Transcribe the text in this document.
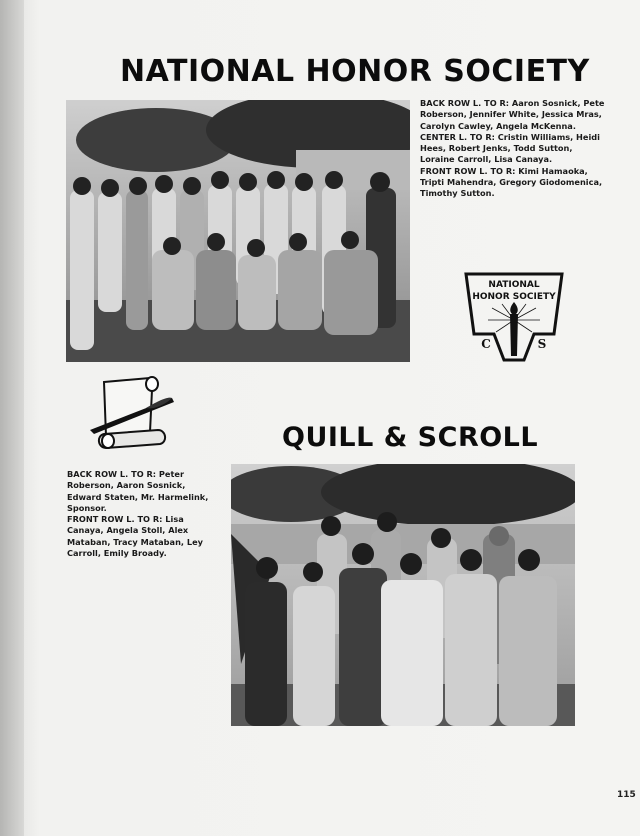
NATIONAL HONOR SOCIETY

BACK ROW L. TO R: Aaron Sosnick, Pete Roberson, Jennifer White, Jessica Mras, Carolyn Cawley, Angela McKenna.

CENTER L. TO R: Cristin Williams, Heidi Hees, Robert Jenks, Todd Sutton, Loraine Carroll, Lisa Canaya.

FRONT ROW L. TO R: Kimi Hamaoka, Tripti Mahendra, Gregory Giodomenica, Timothy Sutton.

NATIONAL
HONOR SOCIETY
C	S
QUILL & SCROLL

BACK ROW L. TO R: Peter Roberson, Aaron Sosnick, Edward Staten, Mr. Harmelink, Sponsor.

FRONT ROW L. TO R: Lisa Canaya, Angela Stoll, Alex Mataban, Tracy Mataban, Ley Carroll, Emily Broady.

115
